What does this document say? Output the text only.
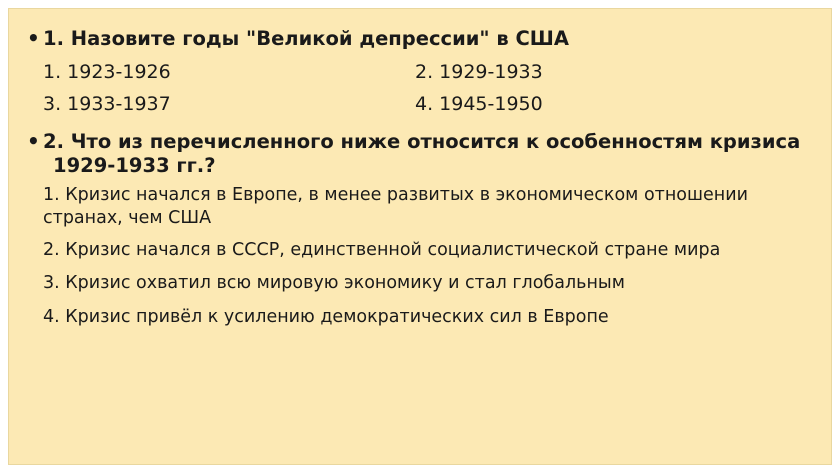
• 1. Назовите годы "Великой депрессии" в США
1. 1923-1926	2. 1929-1933
3. 1933-1937	4. 1945-1950
• 2. Что из перечисленного ниже относится к особенностям кризиса
1929-1933 гг.?
1. Кризис начался в Европе, в менее развитых в экономическом отношении странах, чем США
2. Кризис начался в СССР, единственной социалистической стране мира
3. Кризис охватил всю мировую экономику и стал глобальным
4. Кризис привёл к усилению демократических сил в Европе
